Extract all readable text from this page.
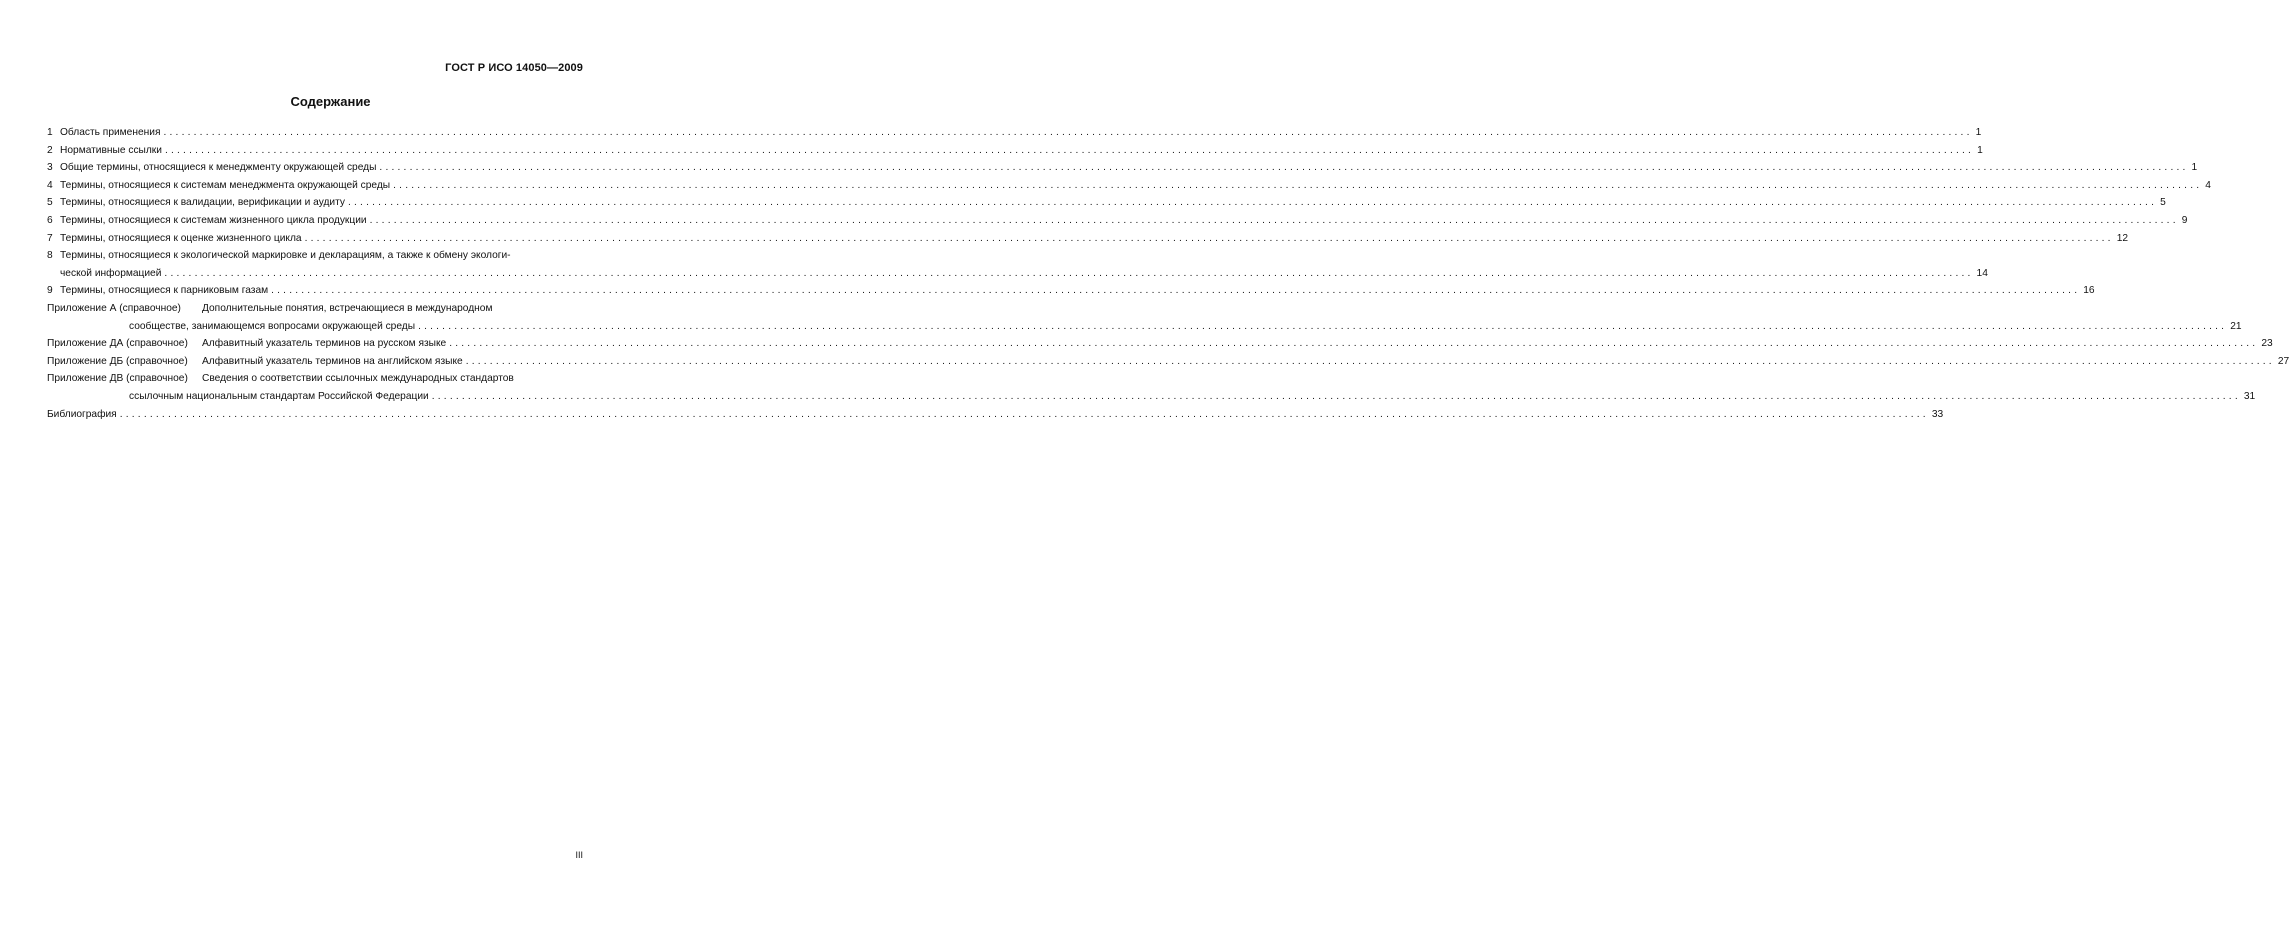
ГОСТ Р ИСО 14050—2009
Содержание
1 Область применения ............................................................................................................................................................................................................................................................................................................ 1
2 Нормативные ссылки ............................................................................................................................................................................................................................................................................................................ 1
3 Общие термины, относящиеся к менеджменту окружающей среды ............................................................................................................................................................................................................................................................................................................ 1
4 Термины, относящиеся к системам менеджмента окружающей среды ............................................................................................................................................................................................................................................................................................................ 4
5 Термины, относящиеся к валидации, верификации и аудиту ............................................................................................................................................................................................................................................................................................................ 5
6 Термины, относящиеся к системам жизненного цикла продукции ............................................................................................................................................................................................................................................................................................................ 9
7 Термины, относящиеся к оценке жизненного цикла ............................................................................................................................................................................................................................................................................................................ 12
8 Термины, относящиеся к экологической маркировке и декларациям, а также к обмену экологи-
ческой информацией ............................................................................................................................................................................................................................................................................................................ 14
9 Термины, относящиеся к парниковым газам ............................................................................................................................................................................................................................................................................................................ 16
Приложение А (справочное)	Дополнительные понятия, встречающиеся в международном
сообществе, занимающемся вопросами окружающей среды ............................................................................................................................................................................................................................................................................................................ 21
Приложение ДА (справочное)	Алфавитный указатель терминов на русском языке ............................................................................................................................................................................................................................................................................................................ 23
Приложение ДБ (справочное)	Алфавитный указатель терминов на английском языке ............................................................................................................................................................................................................................................................................................................ 27
Приложение ДВ (справочное)	Сведения о соответствии ссылочных международных стандартов
ссылочным национальным стандартам Российской Федерации ............................................................................................................................................................................................................................................................................................................ 31
Библиография ............................................................................................................................................................................................................................................................................................................ 33
III
